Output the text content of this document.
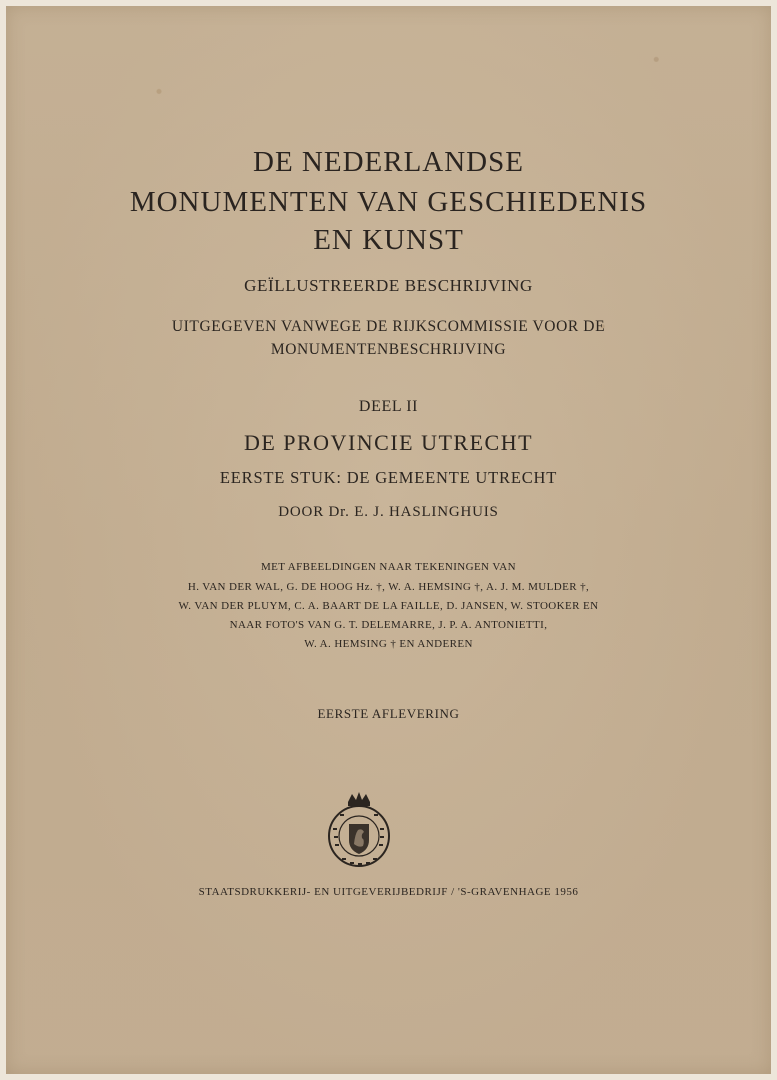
DE NEDERLANDSE
MONUMENTEN VAN GESCHIEDENIS
EN KUNST
GEÏLLUSTREERDE BESCHRIJVING
UITGEGEVEN VANWEGE DE RIJKSCOMMISSIE VOOR DE
MONUMENTENBESCHRIJVING
DEEL II
DE PROVINCIE UTRECHT
EERSTE STUK: DE GEMEENTE UTRECHT
DOOR Dr. E. J. HASLINGHUIS
MET AFBEELDINGEN NAAR TEKENINGEN VAN
H. VAN DER WAL, G. DE HOOG Hz. †, W. A. HEMSING †, A. J. M. MULDER †,
W. VAN DER PLUYM, C. A. BAART DE LA FAILLE, D. JANSEN, W. STOOKER EN
NAAR FOTO'S VAN G. T. DELEMARRE, J. P. A. ANTONIETTI,
W. A. HEMSING † EN ANDEREN
EERSTE AFLEVERING
STAATSDRUKKERIJ- EN UITGEVERIJBEDRIJF / 'S-GRAVENHAGE 1956
